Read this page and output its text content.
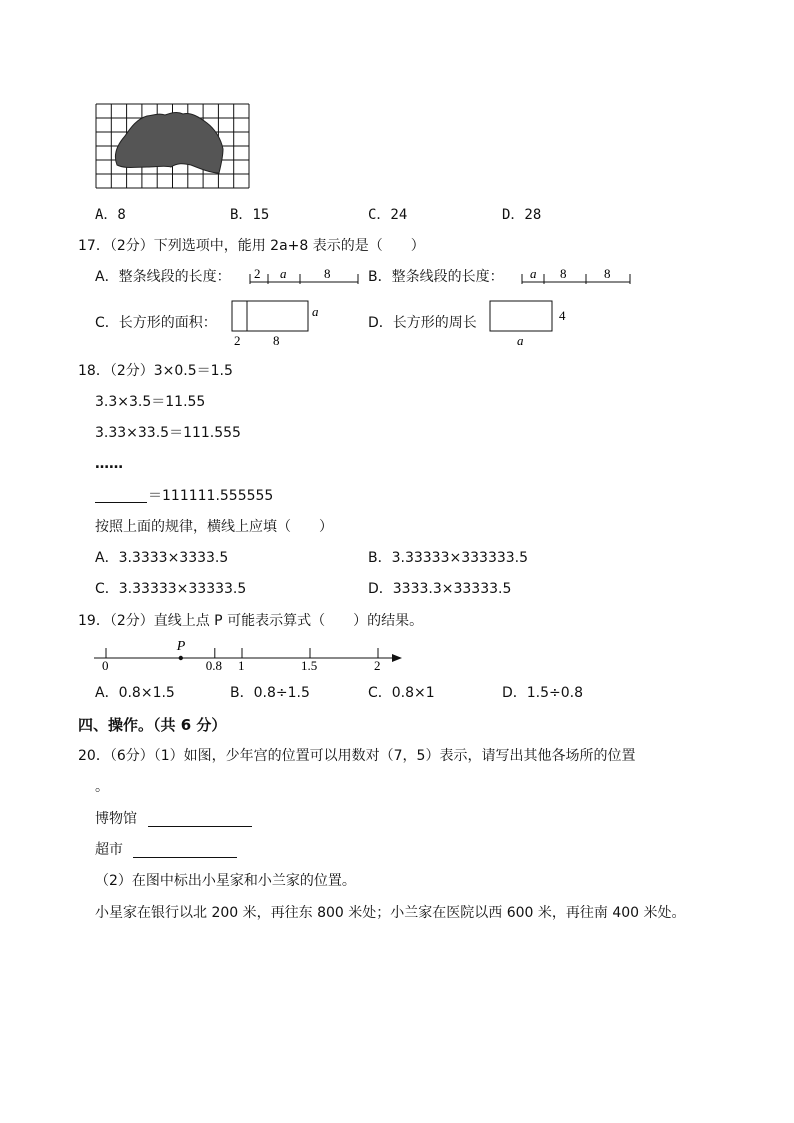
A．8	B．15	C．24	D．28
17．（2分）下列选项中，能用 2a+8 表示的是（　　）
A．整条线段的长度： 2 a	8	B．整条线段的长度： a 8	8
C．长方形的面积：
a
2	8
D．长方形的周长	4
a
18．（2分）3×0.5＝1.5
3.3×3.5＝11.55
3.33×33.5＝111.555
……
＝111111.555555
按照上面的规律，横线上应填（　　）
A．3.3333×3333.5	B．3.33333×333333.5
C．3.33333×33333.5	D．3333.3×33333.5
19．（2分）直线上点 P 可能表示算式（　　）的结果。
0	0.8 1	1.5	2
P
A．0.8×1.5	B．0.8÷1.5	C．0.8×1	D．1.5÷0.8
四、操作。（共 6 分）
20．（6分）（1）如图，少年宫的位置可以用数对（7，5）表示，请写出其他各场所的位置
。
博物馆
超市
（2）在图中标出小星家和小兰家的位置。
小星家在银行以北 200 米，再往东 800 米处；小兰家在医院以西 600 米，再往南 400 米处。
